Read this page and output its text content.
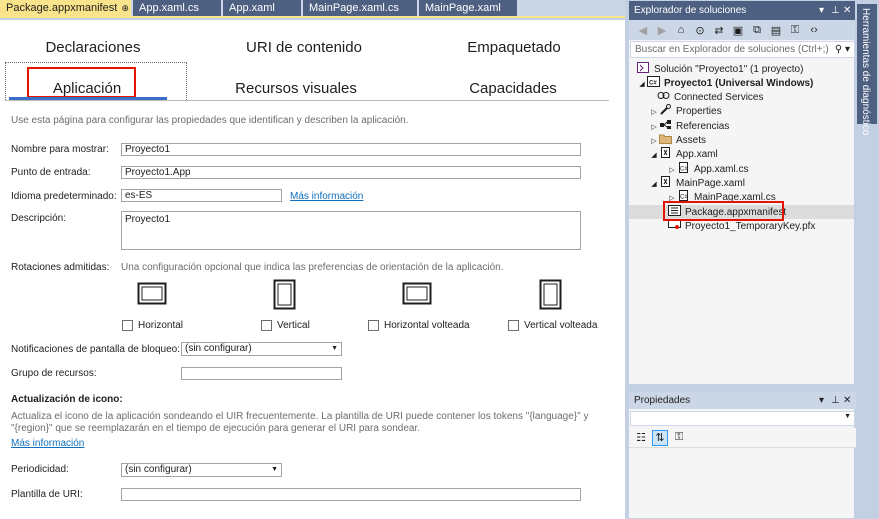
Package.appxmanifest ⊕ App.xaml.cs	App.xaml	MainPage.xaml.cs	MainPage.xaml
Declaraciones	URI de contenido	Empaquetado
Aplicación	Recursos visuales	Capacidades
Use esta página para configurar las propiedades que identifican y describen la aplicación.
Nombre para mostrar:	Proyecto1
Punto de entrada:	Proyecto1.App
Idioma predeterminado: es-ES	Más información
Descripción:	Proyecto1
Rotaciones admitidas: Una configuración opcional que indica las preferencias de orientación de la aplicación.
Horizontal	Vertical	Horizontal volteada	Vertical volteada
Notificaciones de pantalla de bloqueo: (sin configurar)	▼
Grupo de recursos:
Actualización de icono:
Actualiza el icono de la aplicación sondeando el UIR frecuentemente. La plantilla de URI puede contener los tokens "{language}" y
"{region}" que se reemplazarán en el tiempo de ejecución para generar el URI para sondear.
Más información
Periodicidad:	(sin configurar)	▼
Plantilla de URI:
Explorador de soluciones	▾ ⊥ ✕
◀ ▶	⌂	⊙ ⇄ ▣ ⧉ ▤ ⚿	‹›
Buscar en Explorador de soluciones (Ctrl+;) ⚲ ▾
Solución "Proyecto1" (1 proyecto)
◢ C# Proyecto1 (Universal Windows)
Connected Services
▷ Properties
▷ Referencias
▷ Assets
◢ App.xaml
▷ C# App.xaml.cs
◢ MainPage.xaml
▷ C# MainPage.xaml.cs
Package.appxmanifest
Proyecto1_TemporaryKey.pfx
Herramientas de diagnóstico
Propiedades	▾ ⊥ ✕
▼
☷ ⇅ ⚿
